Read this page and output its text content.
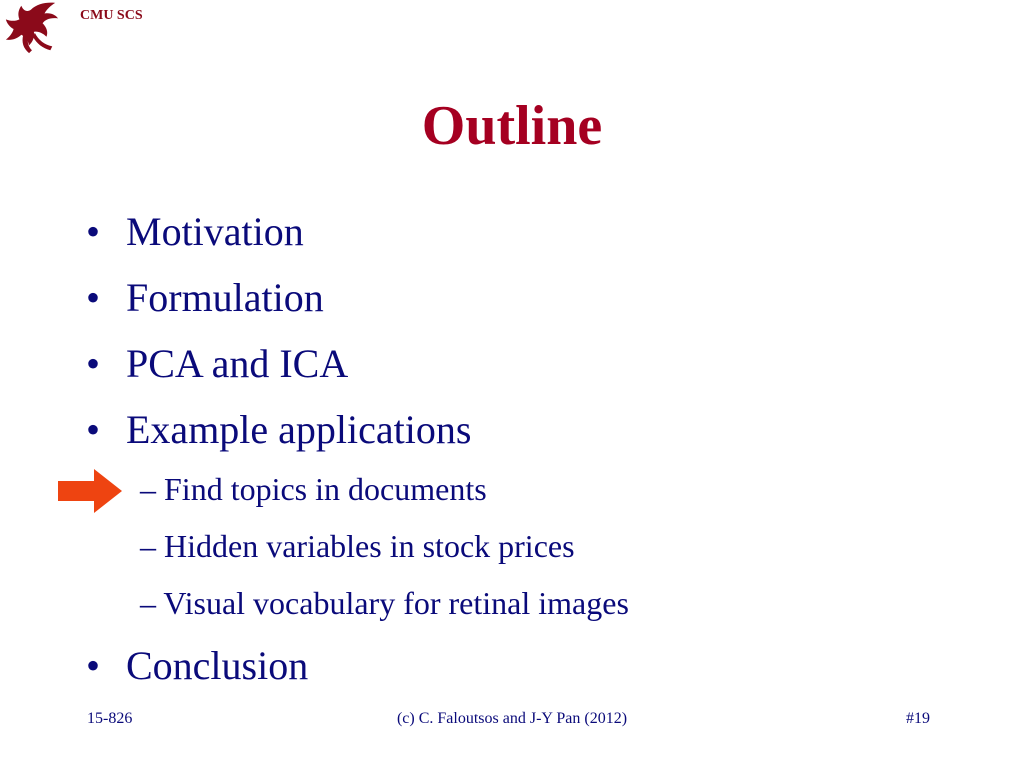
CMU SCS
Outline
• Motivation
• Formulation
• PCA and ICA
• Example applications
– Find topics in documents
– Hidden variables in stock prices
– Visual vocabulary for retinal images
• Conclusion
15-826	(c) C. Faloutsos and J-Y Pan (2012)	#19
